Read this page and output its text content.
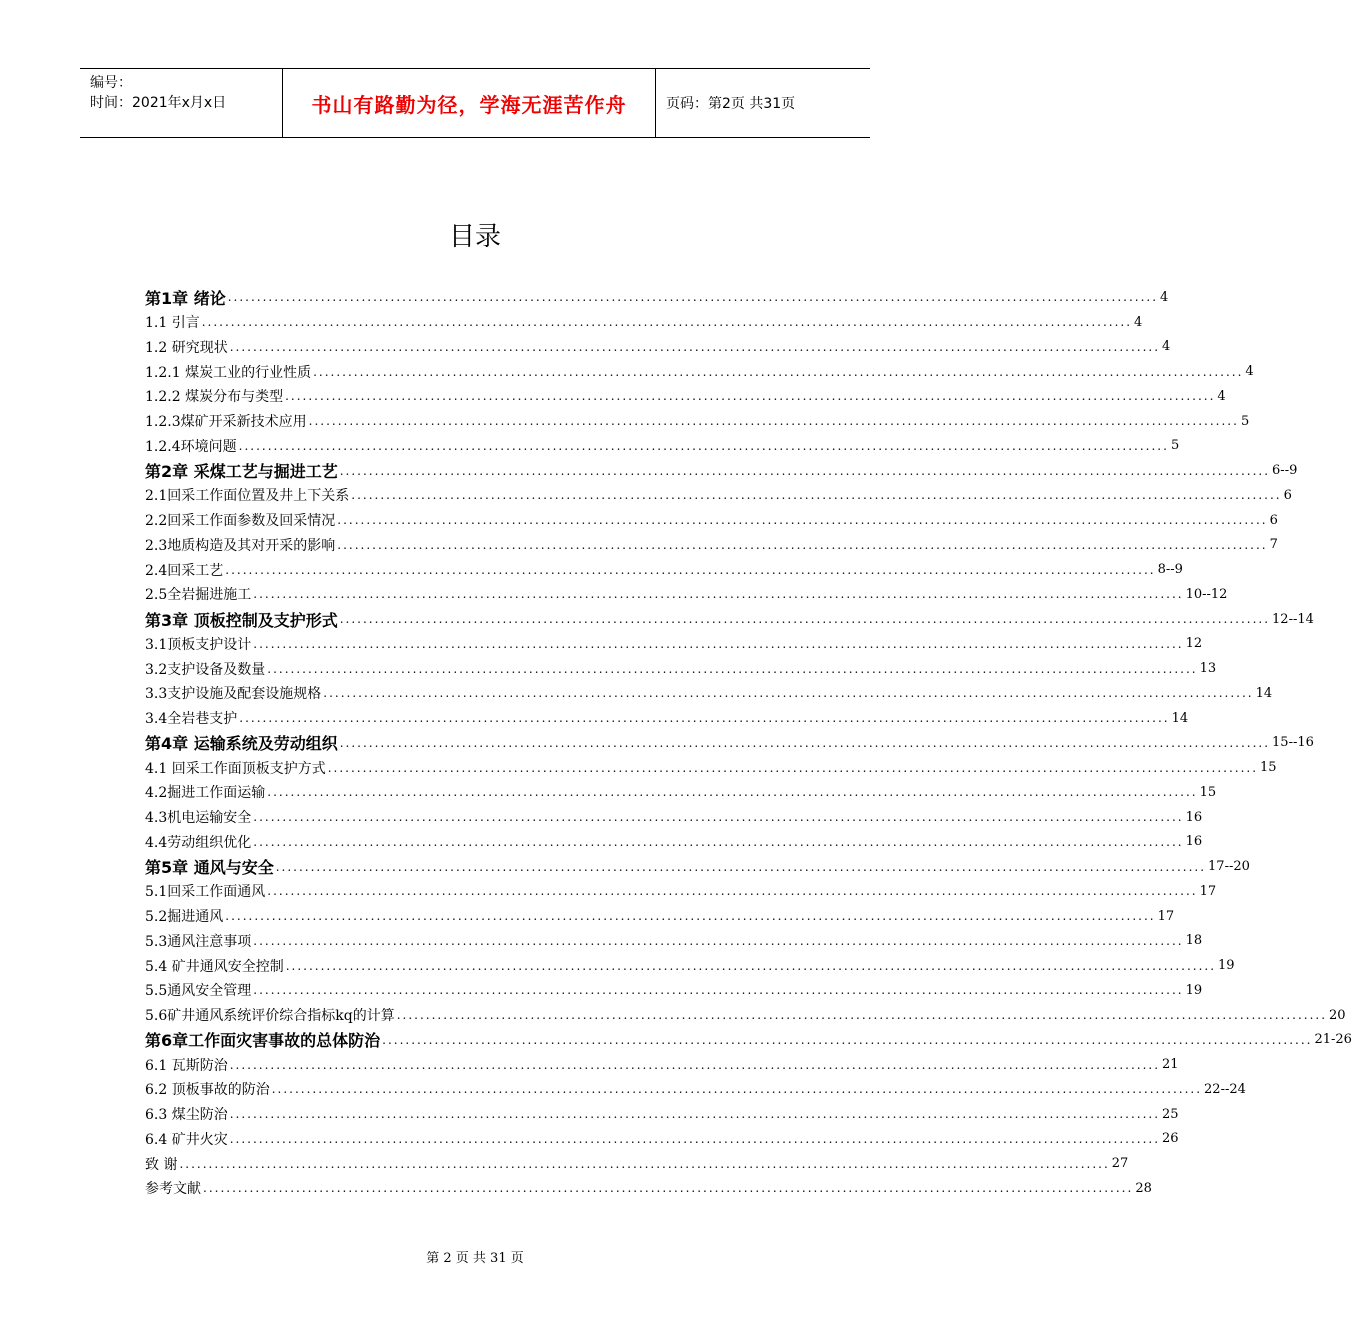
编号：
时间：2021年x月x日	书山有路勤为径，学海无涯苦作舟	页码：第2页 共31页
目录
第1章 绪论 ................................................................................................................................................................ 4
1.1 引言 ................................................................................................................................................................ 4
1.2 研究现状 ................................................................................................................................................................ 4
1.2.1 煤炭工业的行业性质 ................................................................................................................................................................ 4
1.2.2 煤炭分布与类型 ................................................................................................................................................................ 4
1.2.3煤矿开采新技术应用 ................................................................................................................................................................ 5
1.2.4环境问题 ................................................................................................................................................................ 5
第2章 采煤工艺与掘进工艺 ................................................................................................................................................................ 6--9
2.1回采工作面位置及井上下关系 ................................................................................................................................................................ 6
2.2回采工作面参数及回采情况 ................................................................................................................................................................ 6
2.3地质构造及其对开采的影响 ................................................................................................................................................................ 7
2.4回采工艺 ................................................................................................................................................................ 8--9
2.5全岩掘进施工 ................................................................................................................................................................ 10--12
第3章 顶板控制及支护形式 ................................................................................................................................................................ 12--14
3.1顶板支护设计 ................................................................................................................................................................ 12
3.2支护设备及数量 ................................................................................................................................................................ 13
3.3支护设施及配套设施规格 ................................................................................................................................................................ 14
3.4全岩巷支护 ................................................................................................................................................................ 14
第4章 运输系统及劳动组织 ................................................................................................................................................................ 15--16
4.1 回采工作面顶板支护方式 ................................................................................................................................................................ 15
4.2掘进工作面运输 ................................................................................................................................................................ 15
4.3机电运输安全 ................................................................................................................................................................ 16
4.4劳动组织优化 ................................................................................................................................................................ 16
第5章 通风与安全 ................................................................................................................................................................ 17--20
5.1回采工作面通风 ................................................................................................................................................................ 17
5.2掘进通风 ................................................................................................................................................................ 17
5.3通风注意事项 ................................................................................................................................................................ 18
5.4 矿井通风安全控制 ................................................................................................................................................................ 19
5.5通风安全管理 ................................................................................................................................................................ 19
5.6矿井通风系统评价综合指标kq的计算 ................................................................................................................................................................ 20
第6章工作面灾害事故的总体防治 ................................................................................................................................................................ 21-26
6.1 瓦斯防治 ................................................................................................................................................................ 21
6.2 顶板事故的防治 ................................................................................................................................................................ 22--24
6.3 煤尘防治 ................................................................................................................................................................ 25
6.4 矿井火灾 ................................................................................................................................................................ 26
致 谢 ................................................................................................................................................................ 27
参考文献 ................................................................................................................................................................ 28
第 2 页 共 31 页
